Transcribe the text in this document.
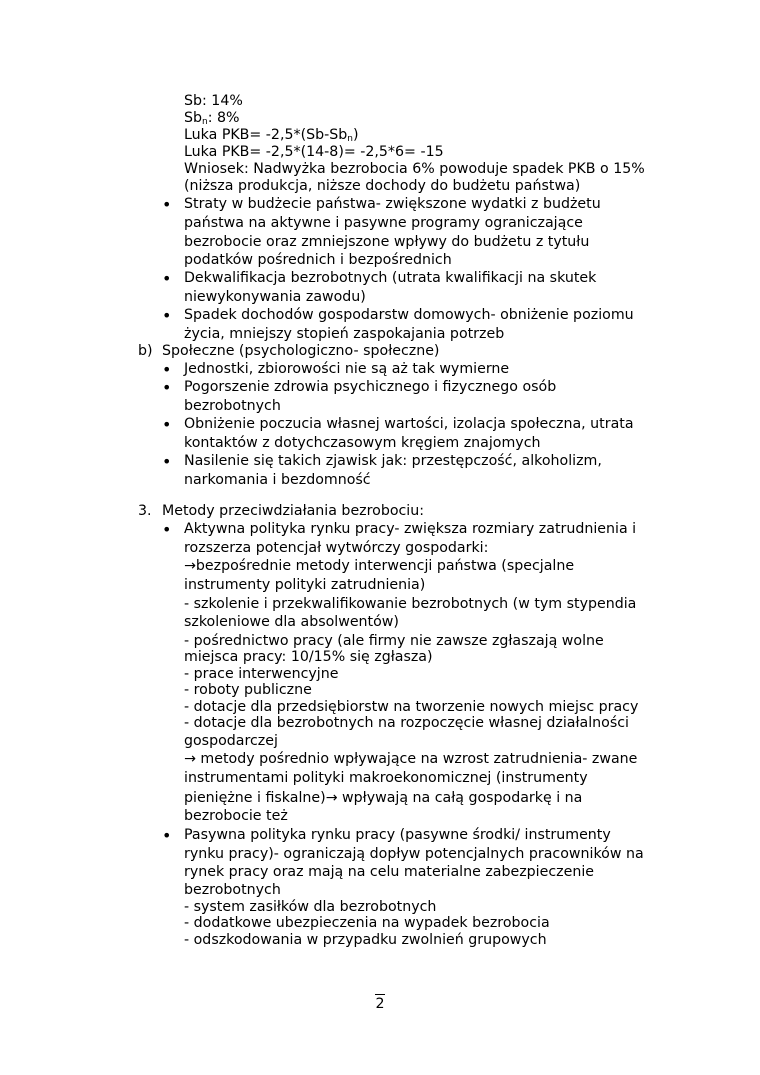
Sb: 14%
$Sb_n$: 8%
Luka $PKB= -2,5*(Sb-Sb_n)$
Luka PKB= -2,5*(14-8)= -2,5*6= -15
Wniosek: Nadwyżka bezrobocia 6% powoduje spadek PKB o 15%
(niższa produkcja, niższe dochody do budżetu państwa)
• Straty w budżecie państwa- zwiększone wydatki z budżetu
państwa na aktywne i pasywne programy ograniczające
bezrobocie oraz zmniejszone wpływy do budżetu z tytułu
podatków pośrednich i bezpośrednich
• Dekwalifikacja bezrobotnych (utrata kwalifikacji na skutek
niewykonywania zawodu)
• Spadek dochodów gospodarstw domowych- obniżenie poziomu
życia, mniejszy stopień zaspokajania potrzeb
b) Społeczne (psychologiczno- społeczne)
• Jednostki, zbiorowości nie są aż tak wymierne
• Pogorszenie zdrowia psychicznego i fizycznego osób
bezrobotnych
• Obniżenie poczucia własnej wartości, izolacja społeczna, utrata
kontaktów z dotychczasowym kręgiem znajomych
• Nasilenie się takich zjawisk jak: przestępczość, alkoholizm,
narkomania i bezdomność
3. Metody przeciwdziałania bezrobociu:
• Aktywna polityka rynku pracy- zwiększa rozmiary zatrudnienia i
rozszerza potencjał wytwórczy gospodarki:
→bezpośrednie metody interwencji państwa (specjalne
instrumenty polityki zatrudnienia)
- szkolenie i przekwalifikowanie bezrobotnych (w tym stypendia
szkoleniowe dla absolwentów)
- pośrednictwo pracy (ale firmy nie zawsze zgłaszają wolne
miejsca pracy: 10/15% się zgłasza)
- prace interwencyjne
- roboty publiczne
- dotacje dla przedsiębiorstw na tworzenie nowych miejsc pracy
- dotacje dla bezrobotnych na rozpoczęcie własnej działalności
gospodarczej
→ metody pośrednio wpływające na wzrost zatrudnienia- zwane
instrumentami polityki makroekonomicznej (instrumenty
pieniężne i fiskalne)→ wpływają na całą gospodarkę i na
bezrobocie też
• Pasywna polityka rynku pracy (pasywne środki/ instrumenty
rynku pracy)- ograniczają dopływ potencjalnych pracowników na
rynek pracy oraz mają na celu materialne zabezpieczenie
bezrobotnych
- system zasiłków dla bezrobotnych
- dodatkowe ubezpieczenia na wypadek bezrobocia
- odszkodowania w przypadku zwolnień grupowych
2
